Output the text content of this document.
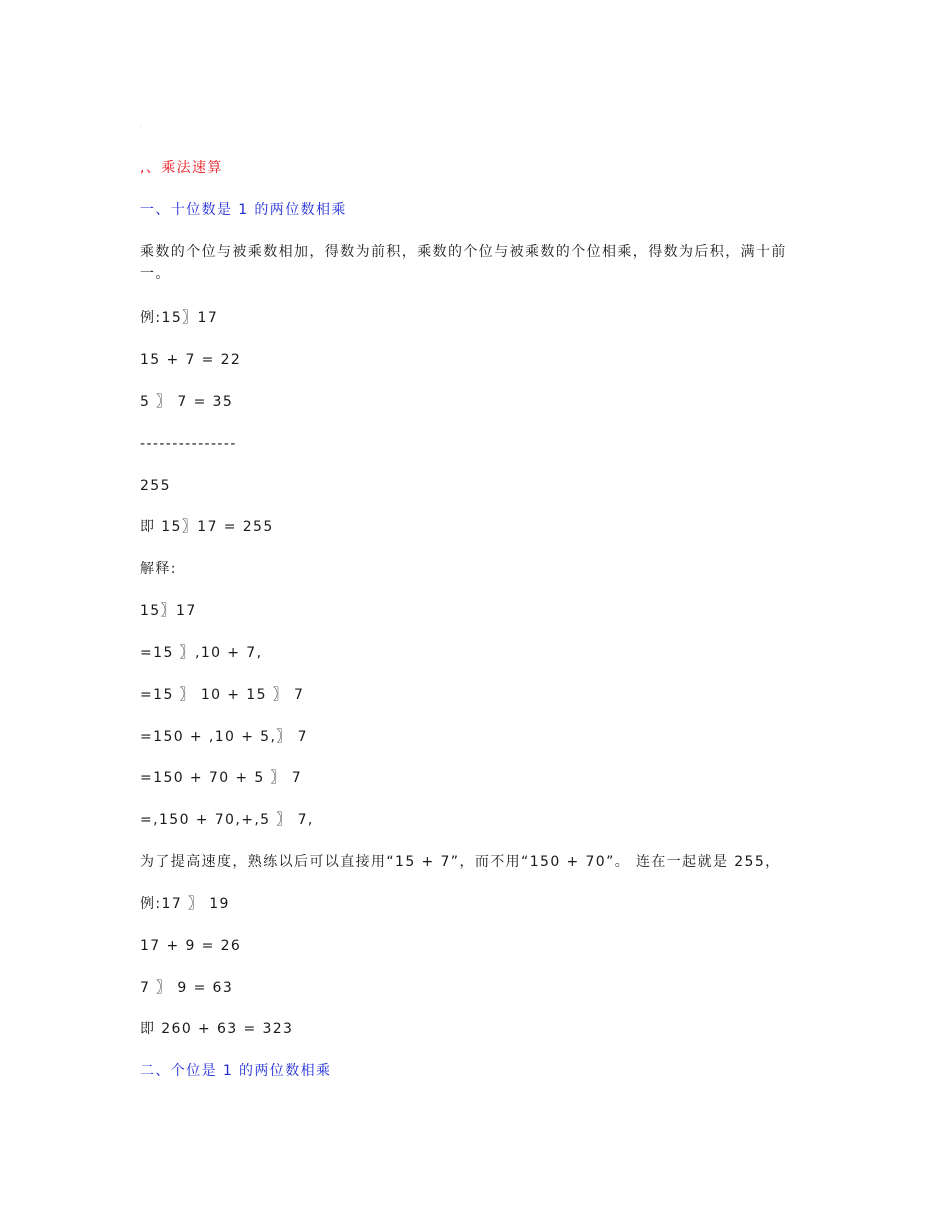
·
,、乘法速算
一、十位数是 1 的两位数相乘
乘数的个位与被乘数相加，得数为前积，乘数的个位与被乘数的个位相乘，得数为后积，满十前一。
例:15〗17
15 + 7 = 22
5 〗 7 = 35
---------------
255
即 15〗17 = 255
解释:
15〗17
=15 〗,10 + 7,
=15 〗 10 + 15 〗 7
=150 + ,10 + 5,〗 7
=150 + 70 + 5 〗 7
=,150 + 70,+,5 〗 7,
为了提高速度，熟练以后可以直接用“15 + 7”，而不用“150 + 70”。 连在一起就是 255，
例:17 〗 19
17 + 9 = 26
7 〗 9 = 63
即 260 + 63 = 323
二、个位是 1 的两位数相乘
